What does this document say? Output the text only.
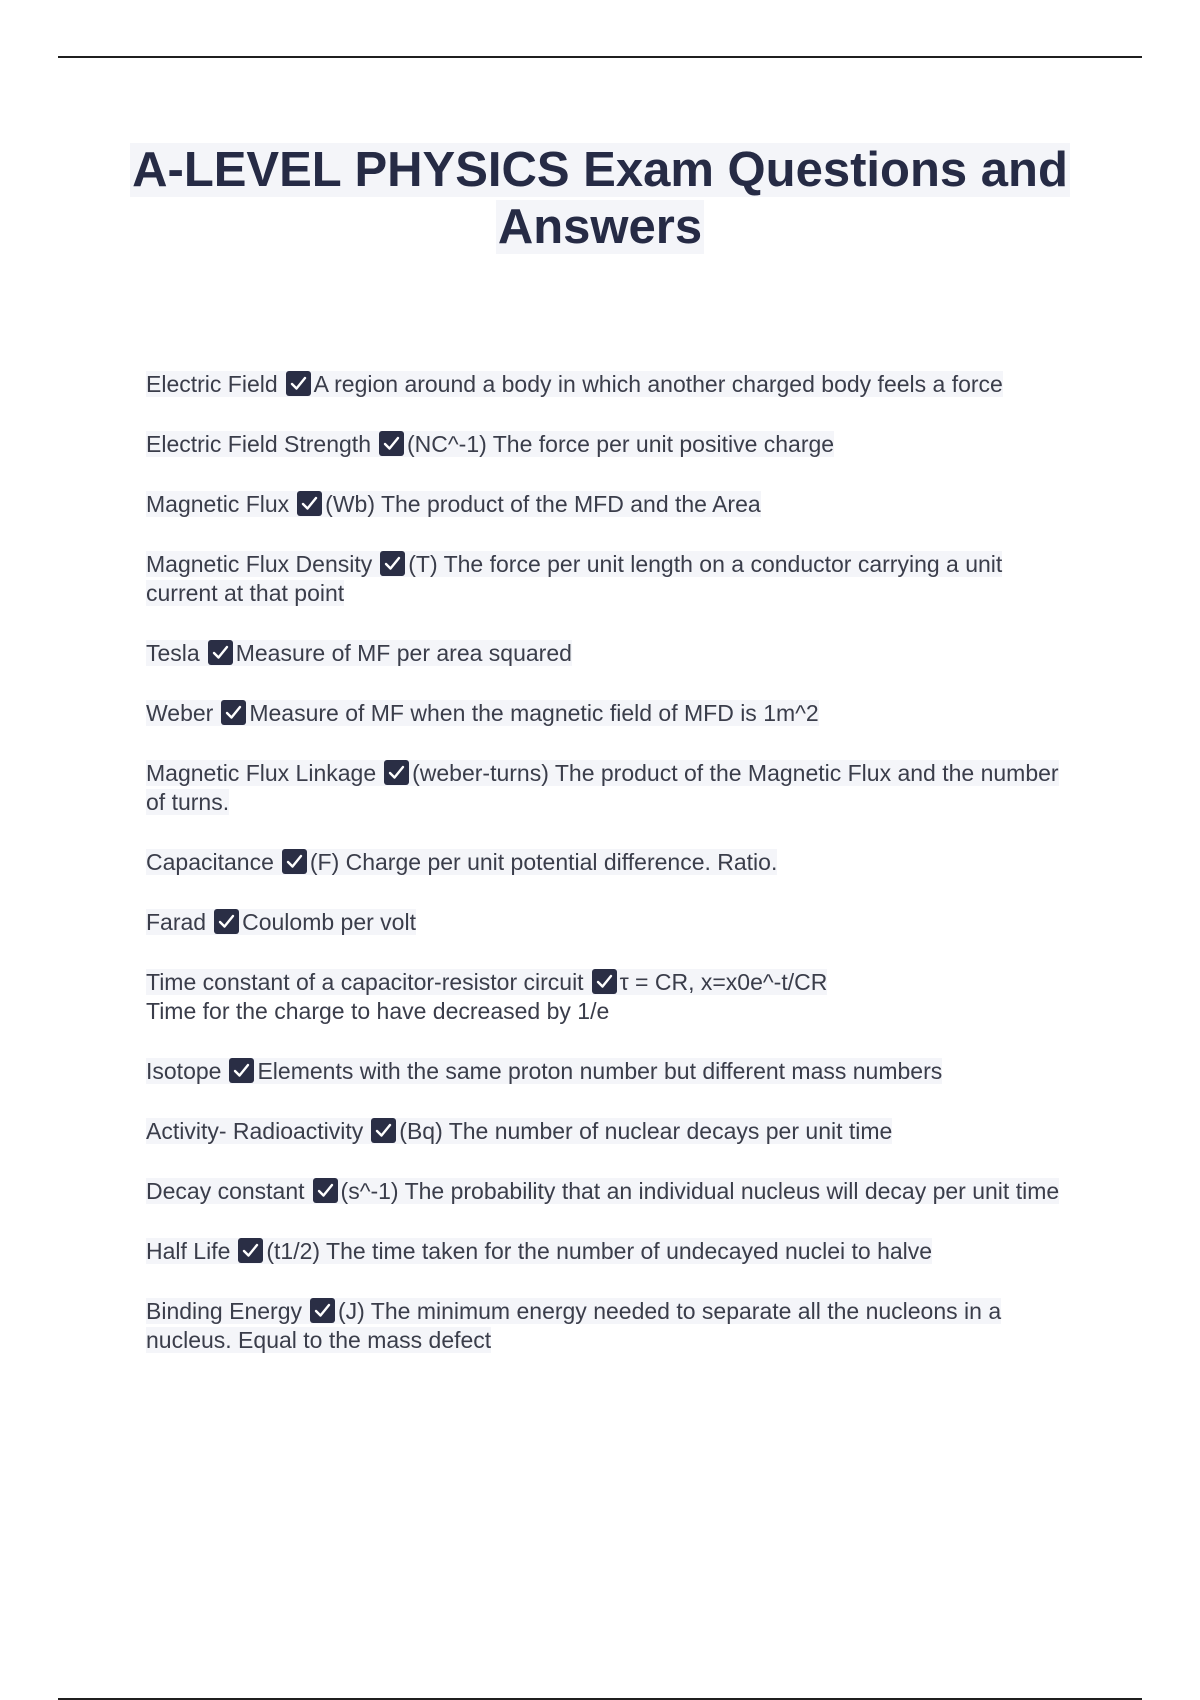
A-LEVEL PHYSICS Exam Questions and
Answers
Electric Field A region around a body in which another charged body feels a force
Electric Field Strength (NC^-1) The force per unit positive charge
Magnetic Flux (Wb) The product of the MFD and the Area
Magnetic Flux Density (T) The force per unit length on a conductor carrying a unit current at that point
Tesla Measure of MF per area squared
Weber Measure of MF when the magnetic field of MFD is 1m^2
Magnetic Flux Linkage (weber-turns) The product of the Magnetic Flux and the number of turns.
Capacitance (F) Charge per unit potential difference. Ratio.
Farad Coulomb per volt
Time constant of a capacitor-resistor circuit τ = CR, x=x0e^-t/CR
Time for the charge to have decreased by 1/e
Isotope Elements with the same proton number but different mass numbers
Activity- Radioactivity (Bq) The number of nuclear decays per unit time
Decay constant (s^-1) The probability that an individual nucleus will decay per unit time
Half Life (t1/2) The time taken for the number of undecayed nuclei to halve
Binding Energy (J) The minimum energy needed to separate all the nucleons in a nucleus. Equal to the mass defect
